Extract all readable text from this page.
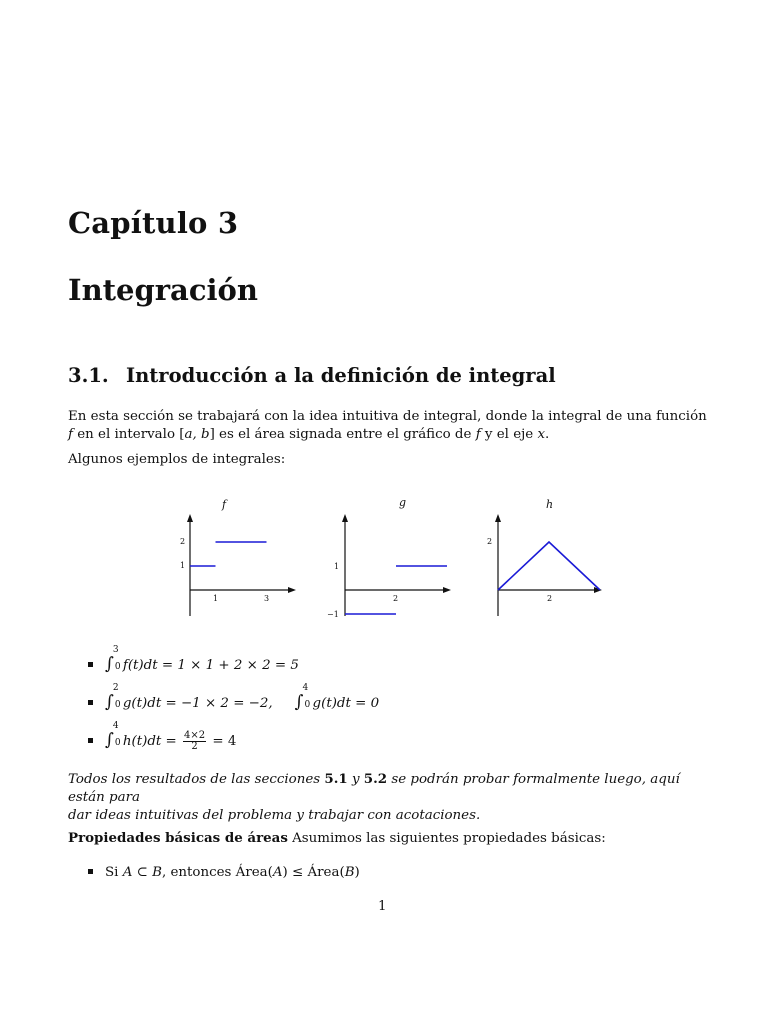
Capítulo 3
Integración
3.1. Introducción a la definición de integral
En esta sección se trabajará con la idea intuitiva de integral, donde la integral de una función
f en el intervalo [a, b] es el área signada entre el gráfico de f y el eje x.
Algunos ejemplos de integrales:
f
1	3
2
1
g
2
1
−1
h
2
2
∫
3
0 f(t)dt = 1 × 1 + 2 × 2 = 5
∫
2
0 g(t)dt = −1 × 2 = −2, ∫
4
0 g(t)dt = 0
∫
4
0 $h(t)dt = \frac{4\times 2}{2} = 4$
Todos los resultados de las secciones 5.1 y 5.2 se podrán probar formalmente luego, aquí están para
dar ideas intuitivas del problema y trabajar con acotaciones.
Propiedades básicas de áreas Asumimos las siguientes propiedades básicas:
Si A ⊂ B, entonces Área(A) ≤ Área(B)
1
